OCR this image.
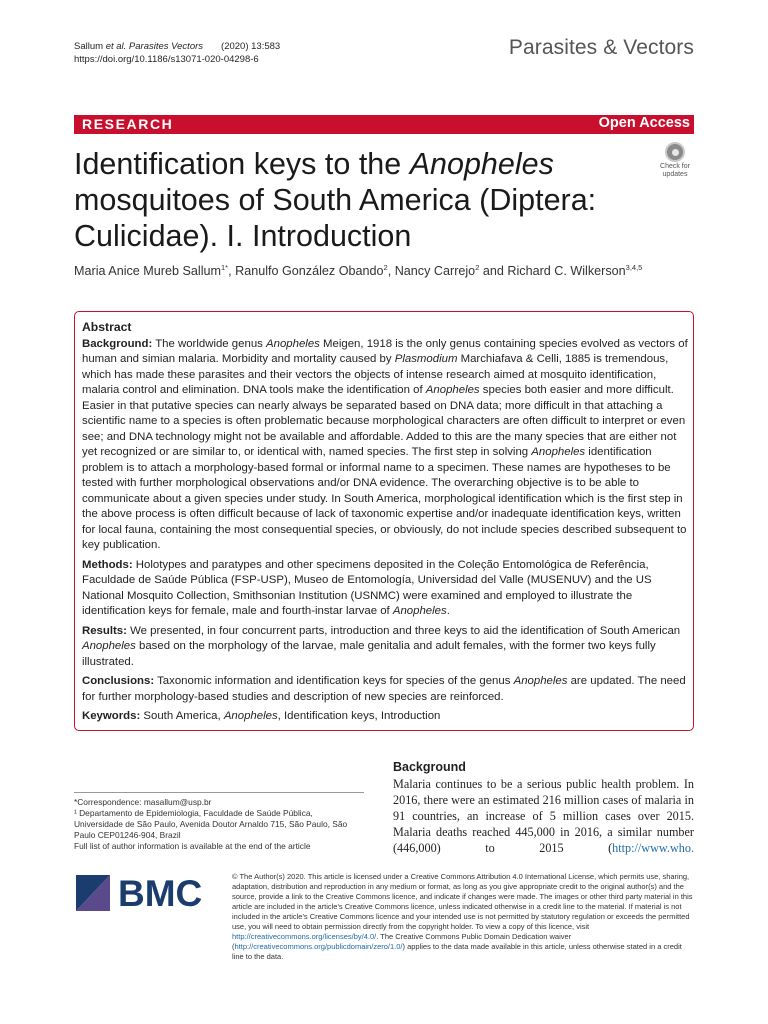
Sallum et al. Parasites Vectors (2020) 13:583
https://doi.org/10.1186/s13071-020-04298-6
Parasites & Vectors
RESEARCH	Open Access
Identification keys to the Anopheles mosquitoes of South America (Diptera: Culicidae). I. Introduction
Check for
updates
Maria Anice Mureb Sallum$^{1*}$, Ranulfo González Obando$^2$, Nancy Carrejo$^2$ and Richard C. Wilkerson$^{3,4,5}$
Abstract

Background: The worldwide genus Anopheles Meigen, 1918 is the only genus containing species evolved as vectors of human and simian malaria. Morbidity and mortality caused by Plasmodium Marchiafava & Celli, 1885 is tremendous, which has made these parasites and their vectors the objects of intense research aimed at mosquito identification, malaria control and elimination. DNA tools make the identification of Anopheles species both easier and more difficult. Easier in that putative species can nearly always be separated based on DNA data; more difficult in that attaching a scientific name to a species is often problematic because morphological characters are often difficult to interpret or even see; and DNA technology might not be available and affordable. Added to this are the many species that are either not yet recognized or are similar to, or identical with, named species. The first step in solving Anopheles identification problem is to attach a morphology-based formal or informal name to a specimen. These names are hypotheses to be tested with further morphological observations and/or DNA evidence. The overarching objective is to be able to communicate about a given species under study. In South America, morphological identification which is the first step in the above process is often difficult because of lack of taxonomic expertise and/or inadequate identification keys, written for local fauna, containing the most consequential species, or obviously, do not include species described subsequent to key publication.

Methods: Holotypes and paratypes and other specimens deposited in the Coleção Entomológica de Referência, Faculdade de Saúde Pública (FSP-USP), Museo de Entomología, Universidad del Valle (MUSENUV) and the US National Mosquito Collection, Smithsonian Institution (USNMC) were examined and employed to illustrate the identification keys for female, male and fourth-instar larvae of Anopheles.

Results: We presented, in four concurrent parts, introduction and three keys to aid the identification of South American Anopheles based on the morphology of the larvae, male genitalia and adult females, with the former two keys fully illustrated.

Conclusions: Taxonomic information and identification keys for species of the genus Anopheles are updated. The need for further morphology-based studies and description of new species are reinforced.

Keywords: South America, Anopheles, Identification keys, Introduction

*Correspondence: masallum@usp.br
¹ Departamento de Epidemiologia, Faculdade de Saúde Pública, Universidade de São Paulo, Avenida Doutor Arnaldo 715, São Paulo, São Paulo CEP01246-904, Brazil
Full list of author information is available at the end of the article
Background
Malaria continues to be a serious public health problem. In 2016, there were an estimated 216 million cases of malaria in 91 countries, an increase of 5 million cases over 2015. Malaria deaths reached 445,000 in 2016, a similar number (446,000) to 2015 (http://www.who.
BMC	© The Author(s) 2020. This article is licensed under a Creative Commons Attribution 4.0 International License, which permits use, sharing, adaptation, distribution and reproduction in any medium or format, as long as you give appropriate credit to the original author(s) and the source, provide a link to the Creative Commons licence, and indicate if changes were made. The images or other third party material in this article are included in the article's Creative Commons licence, unless indicated otherwise in a credit line to the material. If material is not included in the article's Creative Commons licence and your intended use is not permitted by statutory regulation or exceeds the permitted use, you will need to obtain permission directly from the copyright holder. To view a copy of this licence, visit http://creativecommons.org/licenses/by/4.0/. The Creative Commons Public Domain Dedication waiver (http://creativecommons.org/publicdomain/zero/1.0/) applies to the data made available in this article, unless otherwise stated in a credit line to the data.
